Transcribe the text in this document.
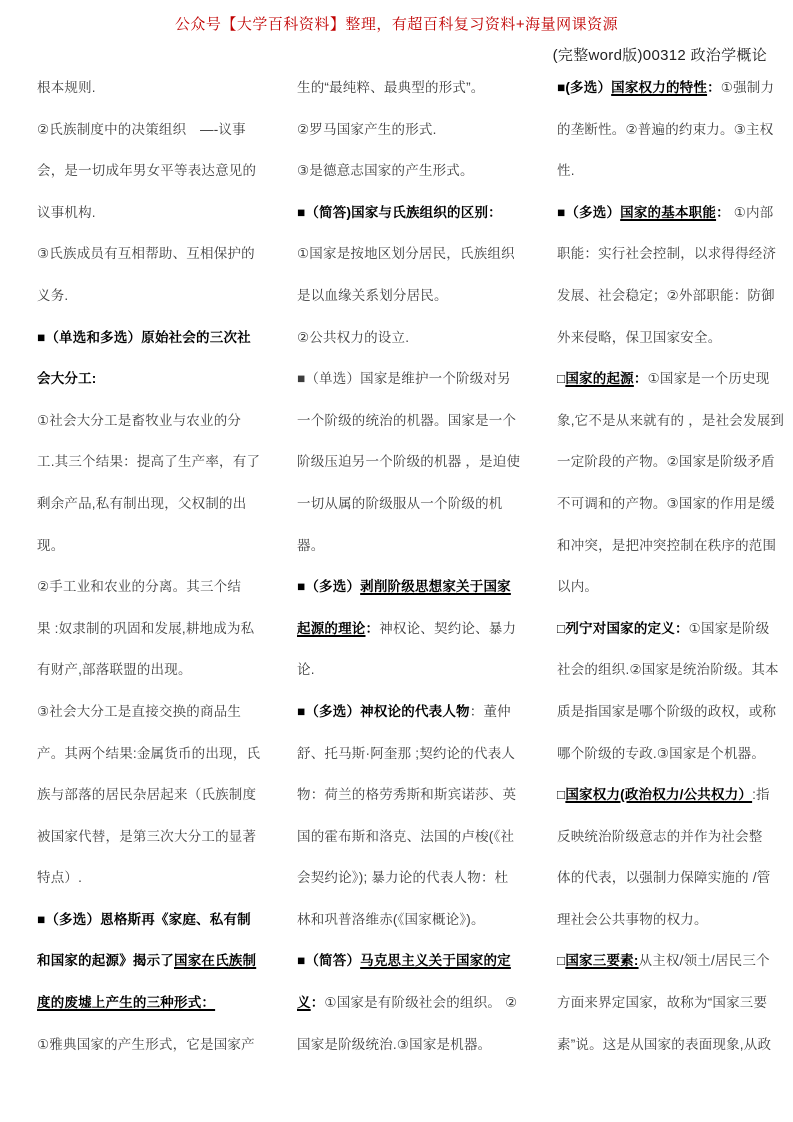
公众号【大学百科资料】整理，有超百科复习资料+海量网课资源
(完整word版)00312 政治学概论
根本规则.
②氏族制度中的决策组织　—-议事
会，是一切成年男女平等表达意见的
议事机构.
③氏族成员有互相帮助、互相保护的
义务.
■（单选和多选）原始社会的三次社
会大分工:
①社会大分工是畜牧业与农业的分
工.其三个结果：提高了生产率，有了
剩余产品,私有制出现，父权制的出
现。
②手工业和农业的分离。其三个结
果 :奴隶制的巩固和发展,耕地成为私
有财产,部落联盟的出现。
③社会大分工是直接交换的商品生
产。其两个结果:金属货币的出现，氏
族与部落的居民杂居起来（氏族制度
被国家代替，是第三次大分工的显著
特点）.
■（多选）恩格斯再《家庭、私有制
和国家的起源》揭示了国家在氏族制
度的废墟上产生的三种形式：
①雅典国家的产生形式，它是国家产
生的“最纯粹、最典型的形式”。
②罗马国家产生的形式.
③是德意志国家的产生形式。
■（简答)国家与氏族组织的区别：
①国家是按地区划分居民，氏族组织
是以血缘关系划分居民。
②公共权力的设立.
■（单选）国家是维护一个阶级对另
一个阶级的统治的机器。国家是一个
阶级压迫另一个阶级的机器 ，是迫使
一切从属的阶级服从一个阶级的机
器。
■（多选）剥削阶级思想家关于国家
起源的理论：神权论、契约论、暴力
论.
■（多选）神权论的代表人物：董仲
舒、托马斯·阿奎那 ;契约论的代表人
物：荷兰的格劳秀斯和斯宾诺莎、英
国的霍布斯和洛克、法国的卢梭(《社
会契约论》); 暴力论的代表人物：杜
林和巩普洛维赤(《国家概论》)。
■（简答）马克思主义关于国家的定
义：①国家是有阶级社会的组织。 ②
国家是阶级统治.③国家是机器。
■(多选）国家权力的特性：①强制力
的垄断性。②普遍的约束力。③主权
性.
■（多选）国家的基本职能： ①内部
职能：实行社会控制，以求得得经济
发展、社会稳定；②外部职能：防御
外来侵略，保卫国家安全。
□国家的起源：①国家是一个历史现
象,它不是从来就有的 ，是社会发展到
一定阶段的产物。②国家是阶级矛盾
不可调和的产物。③国家的作用是缓
和冲突，是把冲突控制在秩序的范围
以内。
□列宁对国家的定义：①国家是阶级
社会的组织.②国家是统治阶级。其本
质是指国家是哪个阶级的政权，或称
哪个阶级的专政.③国家是个机器。
□国家权力(政治权力/公共权力）:指
反映统治阶级意志的并作为社会整
体的代表，以强制力保障实施的 /管
理社会公共事物的权力。
□国家三要素:从主权/领土/居民三个
方面来界定国家，故称为“国家三要
素”说。这是从国家的表面现象,从政
